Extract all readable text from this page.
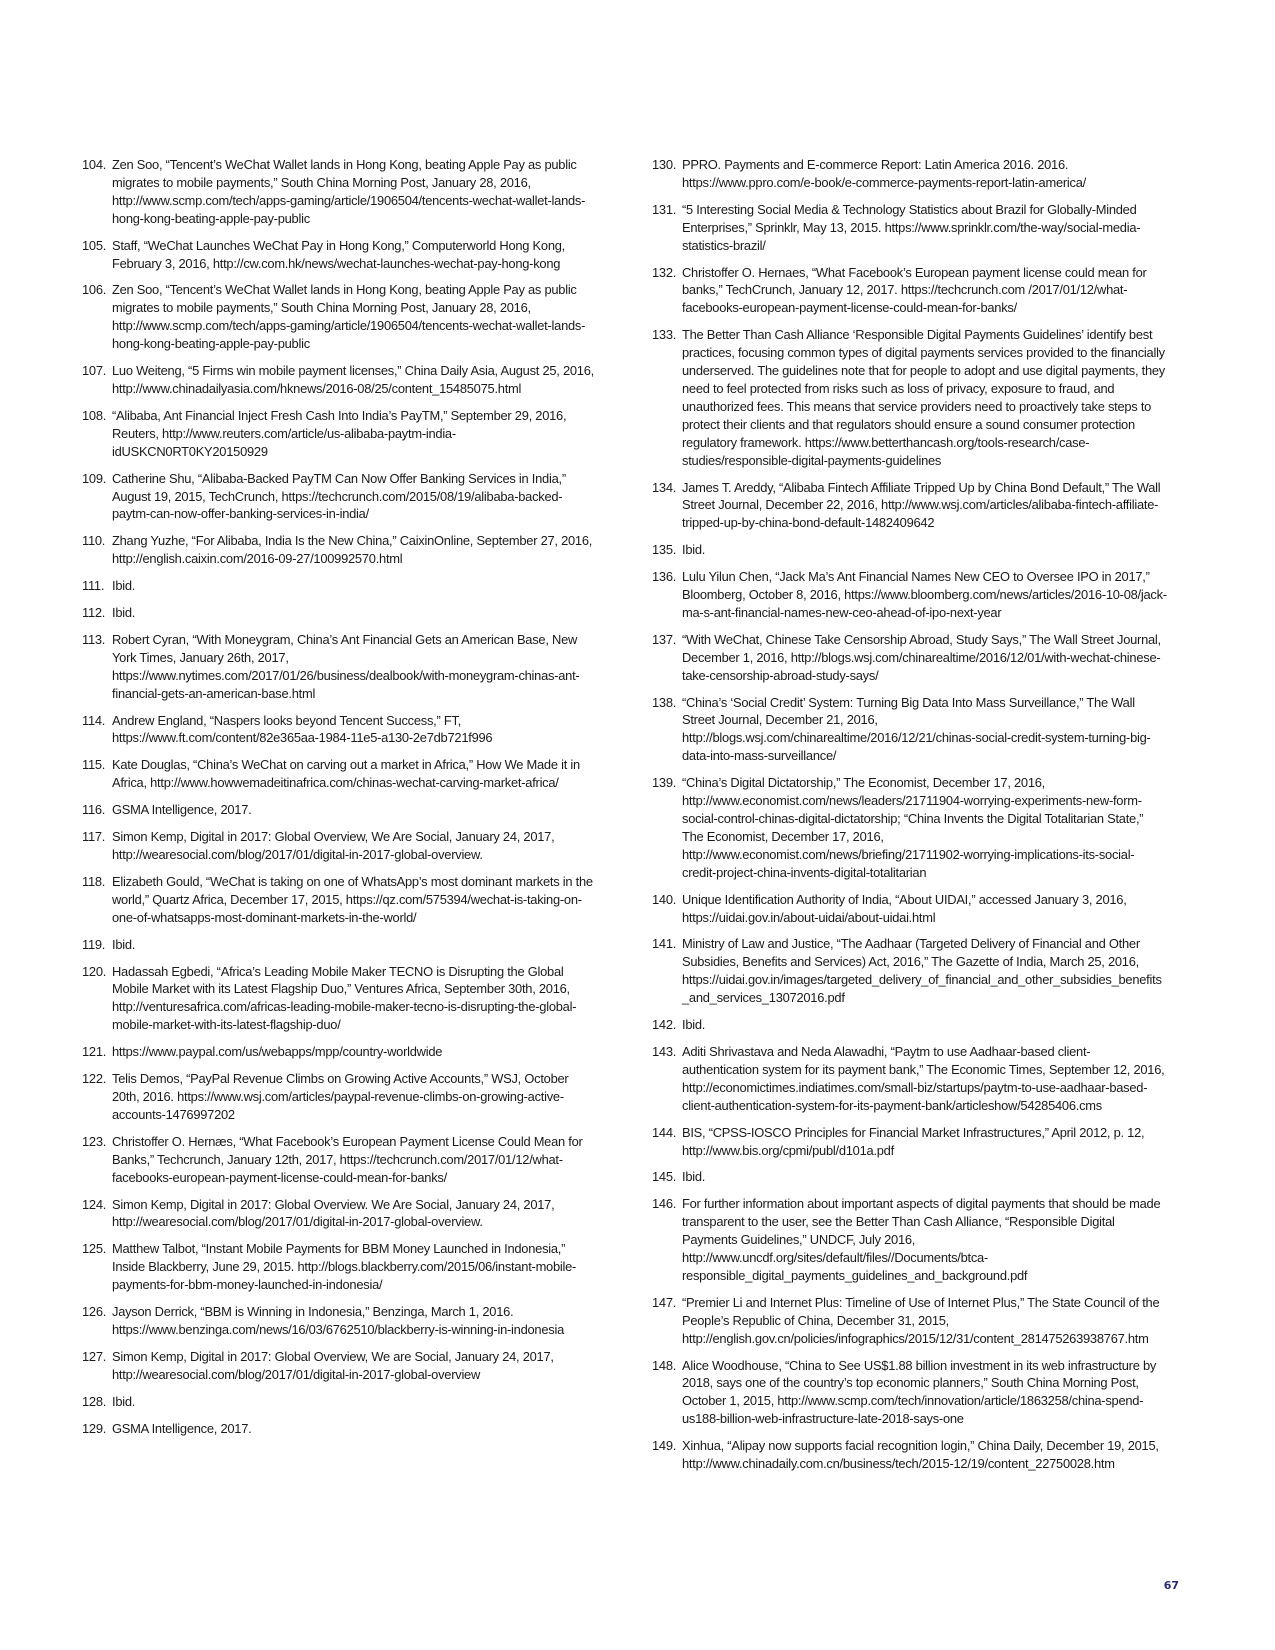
104. Zen Soo, “Tencent’s WeChat Wallet lands in Hong Kong, beating Apple Pay as public migrates to mobile payments,” South China Morning Post, January 28, 2016, http://www.scmp.com/tech/apps-gaming/article/1906504/tencents-wechat-wallet-lands-hong-kong-beating-apple-pay-public
105. Staff, “WeChat Launches WeChat Pay in Hong Kong,” Computerworld Hong Kong, February 3, 2016, http://cw.com.hk/news/wechat-launches-wechat-pay-hong-kong
106. Zen Soo, “Tencent’s WeChat Wallet lands in Hong Kong, beating Apple Pay as public migrates to mobile payments,” South China Morning Post, January 28, 2016, http://www.scmp.com/tech/apps-gaming/article/1906504/tencents-wechat-wallet-lands-hong-kong-beating-apple-pay-public
107. Luo Weiteng, “5 Firms win mobile payment licenses,” China Daily Asia, August 25, 2016, http://www.chinadailyasia.com/hknews/2016-08/25/content_15485075.html
108. “Alibaba, Ant Financial Inject Fresh Cash Into India’s PayTM,” September 29, 2016, Reuters, http://www.reuters.com/article/us-alibaba-paytm-india-idUSKCN0RT0KY20150929
109. Catherine Shu, “Alibaba-Backed PayTM Can Now Offer Banking Services in India,” August 19, 2015, TechCrunch, https://techcrunch.com/2015/08/19/alibaba-backed-paytm-can-now-offer-banking-services-in-india/
110. Zhang Yuzhe, “For Alibaba, India Is the New China,” CaixinOnline, September 27, 2016, http://english.caixin.com/2016-09-27/100992570.html
111. Ibid.
112. Ibid.
113. Robert Cyran, “With Moneygram, China’s Ant Financial Gets an American Base, New York Times, January 26th, 2017, https://www.nytimes.com/2017/01/26/business/dealbook/with-moneygram-chinas-ant-financial-gets-an-american-base.html
114. Andrew England, “Naspers looks beyond Tencent Success,” FT, https://www.ft.com/content/82e365aa-1984-11e5-a130-2e7db721f996
115. Kate Douglas, “China’s WeChat on carving out a market in Africa,” How We Made it in Africa, http://www.howwemadeitinafrica.com/chinas-wechat-carving-market-africa/
116. GSMA Intelligence, 2017.
117. Simon Kemp, Digital in 2017: Global Overview, We Are Social, January 24, 2017, http://wearesocial.com/blog/2017/01/digital-in-2017-global-overview.
118. Elizabeth Gould, “WeChat is taking on one of WhatsApp’s most dominant markets in the world,” Quartz Africa, December 17, 2015, https://qz.com/575394/wechat-is-taking-on-one-of-whatsapps-most-dominant-markets-in-the-world/
119. Ibid.
120. Hadassah Egbedi, “Africa’s Leading Mobile Maker TECNO is Disrupting the Global Mobile Market with its Latest Flagship Duo,” Ventures Africa, September 30th, 2016, http://venturesafrica.com/africas-leading-mobile-maker-tecno-is-disrupting-the-global-mobile-market-with-its-latest-flagship-duo/
121. https://www.paypal.com/us/webapps/mpp/country-worldwide
122. Telis Demos, “PayPal Revenue Climbs on Growing Active Accounts,” WSJ, October 20th, 2016. https://www.wsj.com/articles/paypal-revenue-climbs-on-growing-active-accounts-1476997202
123. Christoffer O. Hernæs, “What Facebook’s European Payment License Could Mean for Banks,” Techcrunch, January 12th, 2017, https://techcrunch.com/2017/01/12/what-facebooks-european-payment-license-could-mean-for-banks/
124. Simon Kemp, Digital in 2017: Global Overview. We Are Social, January 24, 2017, http://wearesocial.com/blog/2017/01/digital-in-2017-global-overview.
125. Matthew Talbot, “Instant Mobile Payments for BBM Money Launched in Indonesia,” Inside Blackberry, June 29, 2015. http://blogs.blackberry.com/2015/06/instant-mobile-payments-for-bbm-money-launched-in-indonesia/
126. Jayson Derrick, “BBM is Winning in Indonesia,” Benzinga, March 1, 2016. https://www.benzinga.com/news/16/03/6762510/blackberry-is-winning-in-indonesia
127. Simon Kemp, Digital in 2017: Global Overview, We are Social, January 24, 2017, http://wearesocial.com/blog/2017/01/digital-in-2017-global-overview
128. Ibid.
129. GSMA Intelligence, 2017.
130. PPRO. Payments and E-commerce Report: Latin America 2016. 2016. https://www.ppro.com/e-book/e-commerce-payments-report-latin-america/
131. “5 Interesting Social Media & Technology Statistics about Brazil for Globally-Minded Enterprises,” Sprinklr, May 13, 2015. https://www.sprinklr.com/the-way/social-media-statistics-brazil/
132. Christoffer O. Hernaes, “What Facebook’s European payment license could mean for banks,” TechCrunch, January 12, 2017. https://techcrunch.com /2017/01/12/what-facebooks-european-payment-license-could-mean-for-banks/
133. The Better Than Cash Alliance ‘Responsible Digital Payments Guidelines’ identify best practices, focusing common types of digital payments services provided to the financially underserved. The guidelines note that for people to adopt and use digital payments, they need to feel protected from risks such as loss of privacy, exposure to fraud, and unauthorized fees. This means that service providers need to proactively take steps to protect their clients and that regulators should ensure a sound consumer protection regulatory framework. https://www.betterthancash.org/tools-research/case-studies/responsible-digital-payments-guidelines
134. James T. Areddy, “Alibaba Fintech Affiliate Tripped Up by China Bond Default,” The Wall Street Journal, December 22, 2016, http://www.wsj.com/articles/alibaba-fintech-affiliate-tripped-up-by-china-bond-default-1482409642
135. Ibid.
136. Lulu Yilun Chen, “Jack Ma’s Ant Financial Names New CEO to Oversee IPO in 2017,” Bloomberg, October 8, 2016, https://www.bloomberg.com/news/articles/2016-10-08/jack-ma-s-ant-financial-names-new-ceo-ahead-of-ipo-next-year
137. “With WeChat, Chinese Take Censorship Abroad, Study Says,” The Wall Street Journal, December 1, 2016, http://blogs.wsj.com/chinarealtime/2016/12/01/with-wechat-chinese-take-censorship-abroad-study-says/
138. “China’s ‘Social Credit’ System: Turning Big Data Into Mass Surveillance,” The Wall Street Journal, December 21, 2016, http://blogs.wsj.com/chinarealtime/2016/12/21/chinas-social-credit-system-turning-big-data-into-mass-surveillance/
139. “China’s Digital Dictatorship,” The Economist, December 17, 2016, http://www.economist.com/news/leaders/21711904-worrying-experiments-new-form-social-control-chinas-digital-dictatorship; “China Invents the Digital Totalitarian State,” The Economist, December 17, 2016, http://www.economist.com/news/briefing/21711902-worrying-implications-its-social-credit-project-china-invents-digital-totalitarian
140. Unique Identification Authority of India, “About UIDAI,” accessed January 3, 2016, https://uidai.gov.in/about-uidai/about-uidai.html
141. Ministry of Law and Justice, “The Aadhaar (Targeted Delivery of Financial and Other Subsidies, Benefits and Services) Act, 2016,” The Gazette of India, March 25, 2016, https://uidai.gov.in/images/targeted_delivery_of_financial_and_other_subsidies_benefits_and_services_13072016.pdf
142. Ibid.
143. Aditi Shrivastava and Neda Alawadhi, “Paytm to use Aadhaar-based client-authentication system for its payment bank,” The Economic Times, September 12, 2016, http://economictimes.indiatimes.com/small-biz/startups/paytm-to-use-aadhaar-based-client-authentication-system-for-its-payment-bank/articleshow/54285406.cms
144. BIS, “CPSS-IOSCO Principles for Financial Market Infrastructures,” April 2012, p. 12, http://www.bis.org/cpmi/publ/d101a.pdf
145. Ibid.
146. For further information about important aspects of digital payments that should be made transparent to the user, see the Better Than Cash Alliance, “Responsible Digital Payments Guidelines,” UNDCF, July 2016, http://www.uncdf.org/sites/default/files//Documents/btca-responsible_digital_payments_guidelines_and_background.pdf
147. “Premier Li and Internet Plus: Timeline of Use of Internet Plus,” The State Council of the People’s Republic of China, December 31, 2015, http://english.gov.cn/policies/infographics/2015/12/31/content_281475263938767.htm
148. Alice Woodhouse, “China to See US$1.88 billion investment in its web infrastructure by 2018, says one of the country’s top economic planners,” South China Morning Post, October 1, 2015, http://www.scmp.com/tech/innovation/article/1863258/china-spend-us188-billion-web-infrastructure-late-2018-says-one
149. Xinhua, “Alipay now supports facial recognition login,” China Daily, December 19, 2015, http://www.chinadaily.com.cn/business/tech/2015-12/19/content_22750028.htm
67
